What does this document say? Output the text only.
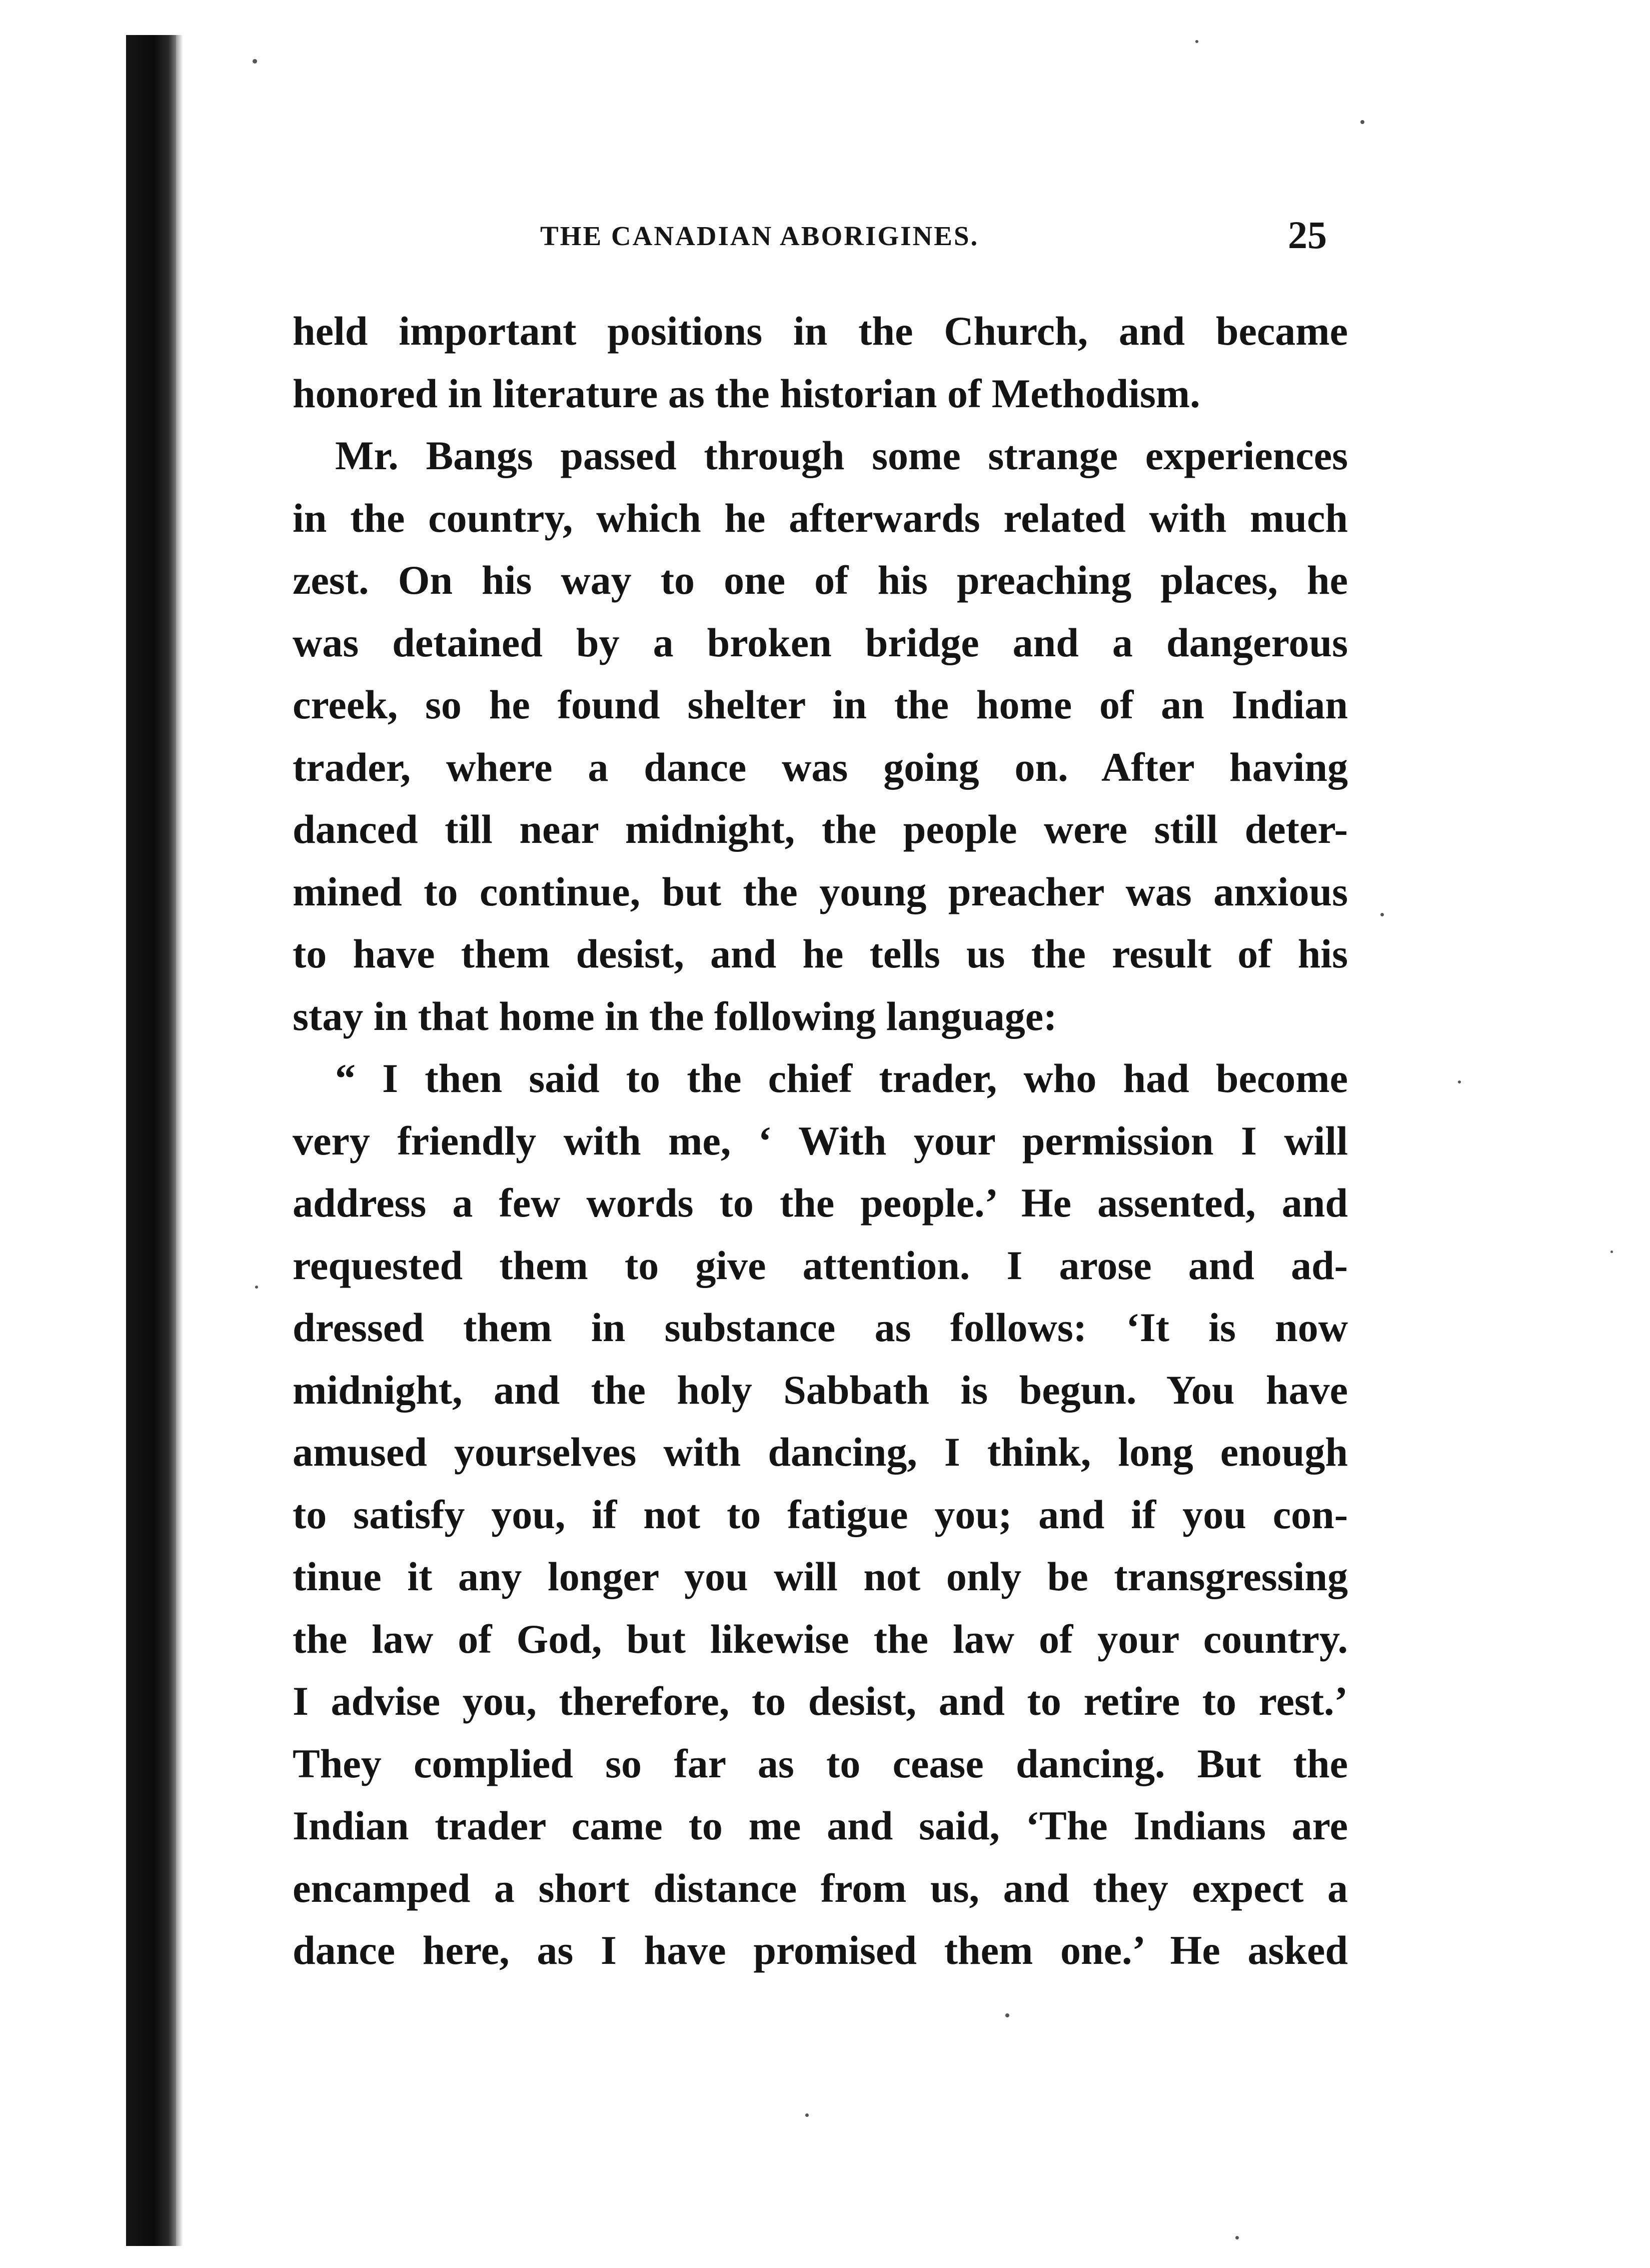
THE CANADIAN ABORIGINES.	25
held important positions in the Church, and became
honored in literature as the historian of Methodism.
Mr. Bangs passed through some strange experiences
in the country, which he afterwards related with much
zest. On his way to one of his preaching places, he
was detained by a broken bridge and a dangerous
creek, so he found shelter in the home of an Indian
trader, where a dance was going on. After having
danced till near midnight, the people were still deter-
mined to continue, but the young preacher was anxious
to have them desist, and he tells us the result of his
stay in that home in the following language:
“ I then said to the chief trader, who had become
very friendly with me, ‘ With your permission I will
address a few words to the people.’ He assented, and
requested them to give attention. I arose and ad-
dressed them in substance as follows: ‘It is now
midnight, and the holy Sabbath is begun. You have
amused yourselves with dancing, I think, long enough
to satisfy you, if not to fatigue you; and if you con-
tinue it any longer you will not only be transgressing
the law of God, but likewise the law of your country.
I advise you, therefore, to desist, and to retire to rest.’
They complied so far as to cease dancing. But the
Indian trader came to me and said, ‘The Indians are
encamped a short distance from us, and they expect a
dance here, as I have promised them one.’ He asked
